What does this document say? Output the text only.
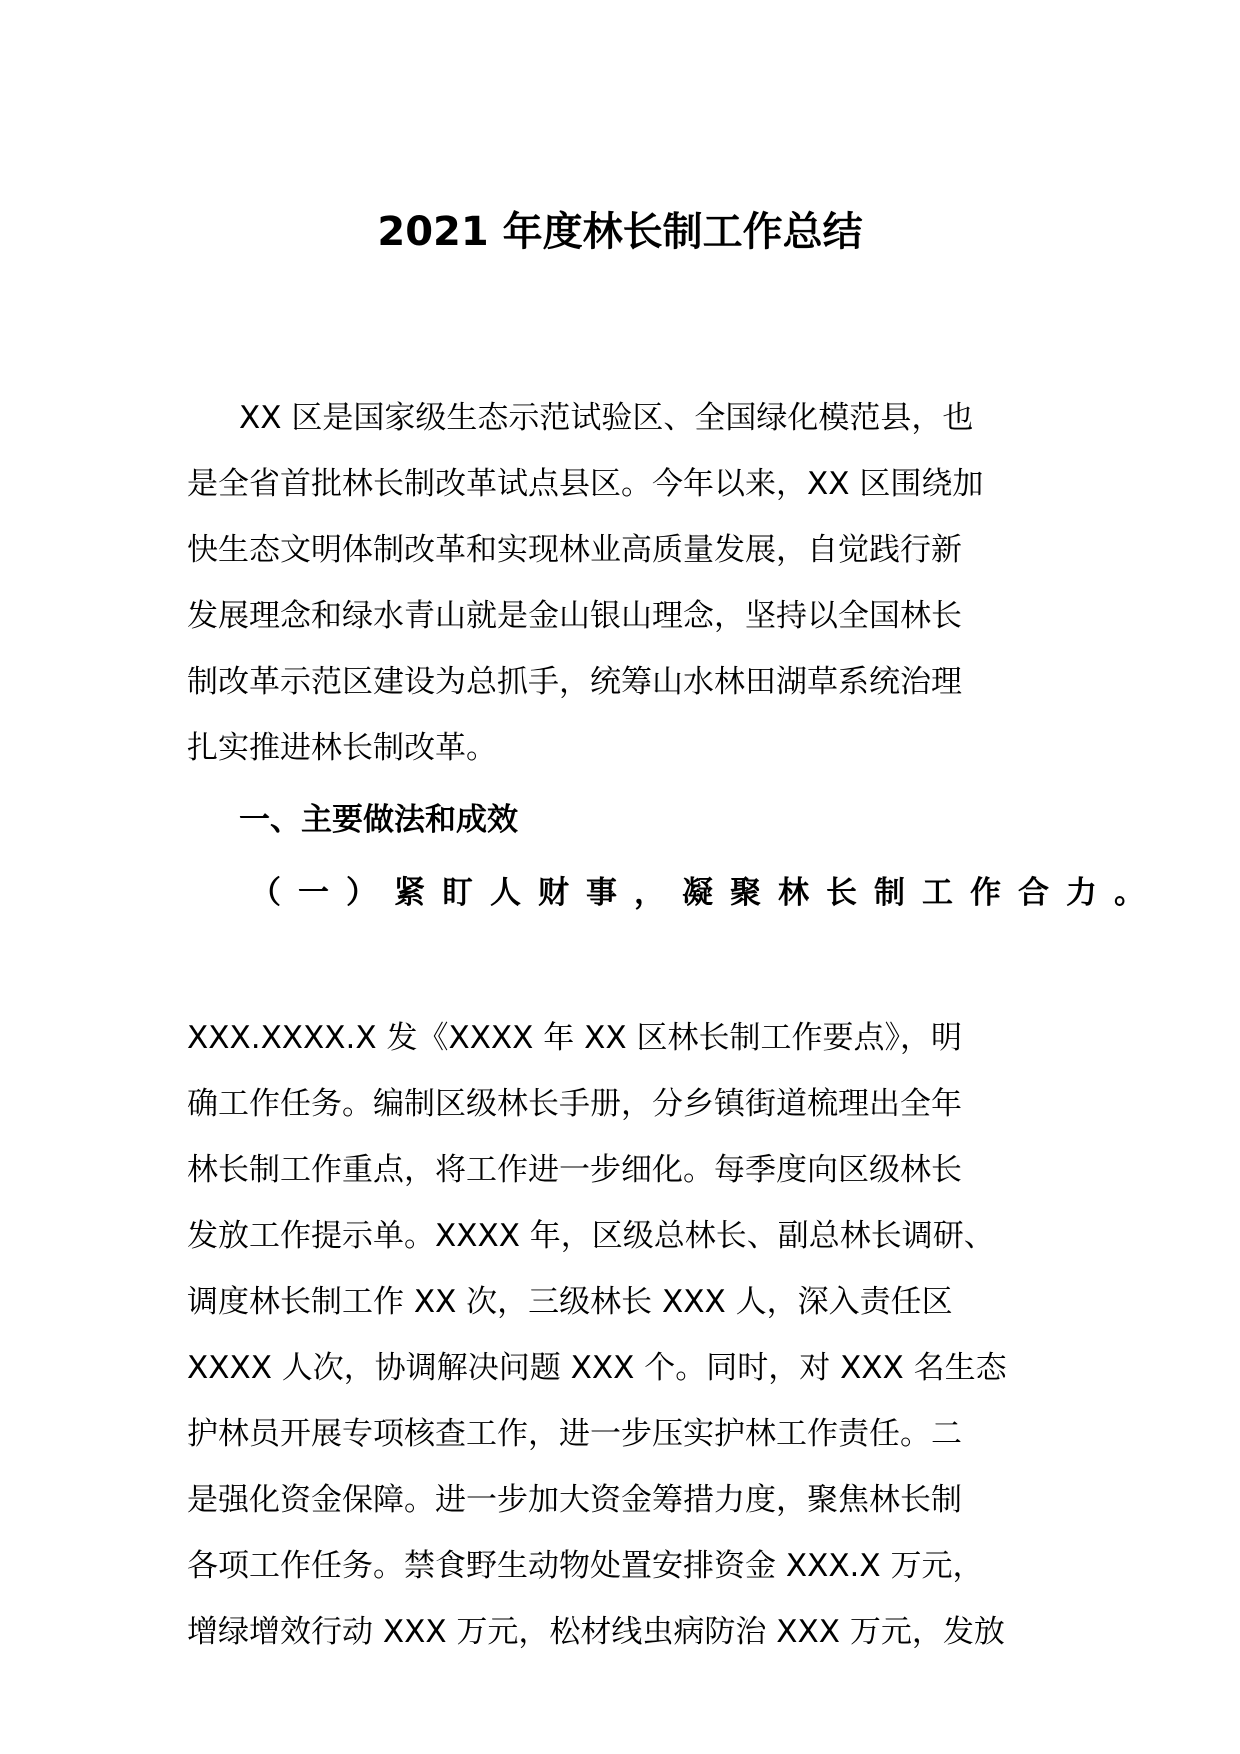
2021 年度林长制工作总结
XX 区是国家级生态示范试验区、全国绿化模范县，也
是全省首批林长制改革试点县区。今年以来，XX 区围绕加
快生态文明体制改革和实现林业高质量发展，自觉践行新
发展理念和绿水青山就是金山银山理念，坚持以全国林长
制改革示范区建设为总抓手，统筹山水林田湖草系统治理
扎实推进林长制改革。
一、主要做法和成效
（一）紧盯人财事，凝聚林长制工作合力。
XXX.XXXX.X 发《XXXX 年 XX 区林长制工作要点》，明
确工作任务。编制区级林长手册，分乡镇街道梳理出全年
林长制工作重点，将工作进一步细化。每季度向区级林长
发放工作提示单。XXXX 年，区级总林长、副总林长调研、
调度林长制工作 XX 次，三级林长 XXX 人，深入责任区
XXXX 人次，协调解决问题 XXX 个。同时，对 XXX 名生态
护林员开展专项核查工作，进一步压实护林工作责任。二
是强化资金保障。进一步加大资金筹措力度，聚焦林长制
各项工作任务。禁食野生动物处置安排资金 XXX.X 万元，
增绿增效行动 XXX 万元，松材线虫病防治 XXX 万元，发放
